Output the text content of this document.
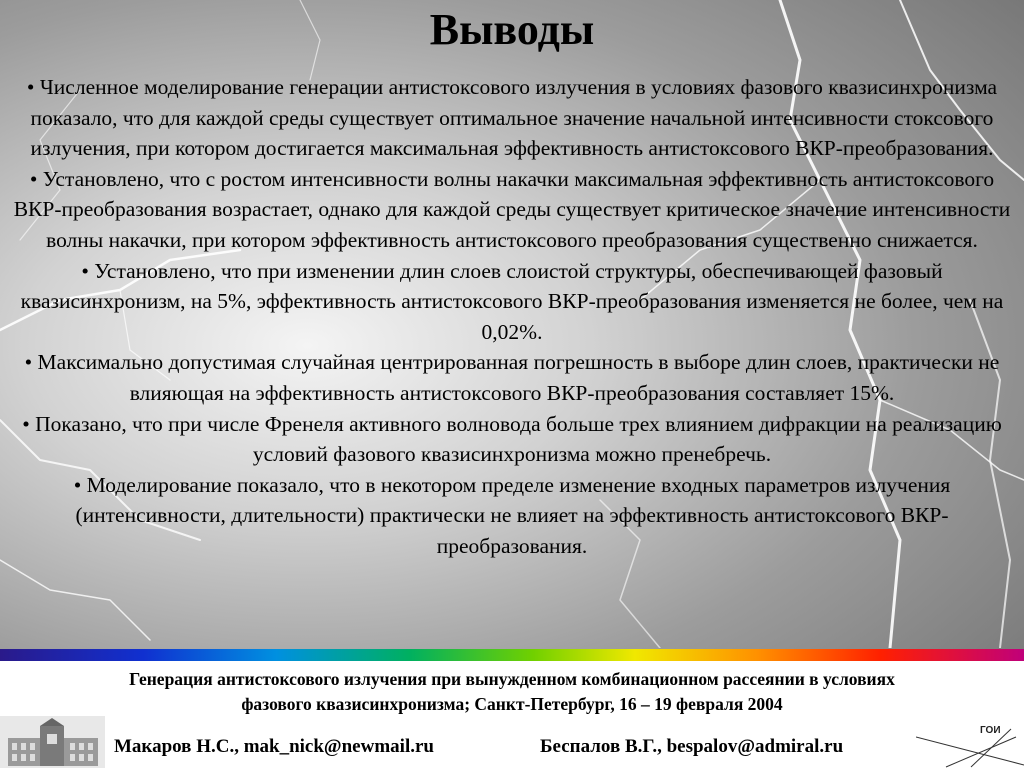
Выводы

• Численное моделирование генерации антистоксового излучения в условиях фазового квазисинхронизма показало, что для каждой среды существует оптимальное значение начальной интенсивности стоксового излучения, при котором достигается максимальная эффективность антистоксового ВКР-преобразования.

• Установлено, что с ростом интенсивности волны накачки максимальная эффективность антистоксового ВКР-преобразования возрастает, однако для каждой среды существует критическое значение интенсивности волны накачки, при котором эффективность антистоксового преобразования существенно снижается.

• Установлено, что при изменении длин слоев слоистой структуры, обеспечивающей фазовый квазисинхронизм, на 5%, эффективность антистоксового ВКР-преобразования изменяется не более, чем на 0,02%.

• Максимально допустимая случайная центрированная погрешность в выборе длин слоев, практически не влияющая на эффективность антистоксового ВКР-преобразования составляет 15%.

• Показано, что при числе Френеля активного волновода больше трех влиянием дифракции на реализацию условий фазового квазисинхронизма можно пренебречь.

• Моделирование показало, что в некотором пределе изменение входных параметров излучения (интенсивности, длительности) практически не влияет на эффективность антистоксового ВКР-преобразования.

Генерация антистоксового излучения при вынужденном комбинационном рассеянии в условиях
фазового квазисинхронизма; Санкт-Петербург, 16 – 19 февраля 2004
Макаров Н.С., mak_nick@newmail.ru	Беспалов В.Г., bespalov@admiral.ru
ГОИ
